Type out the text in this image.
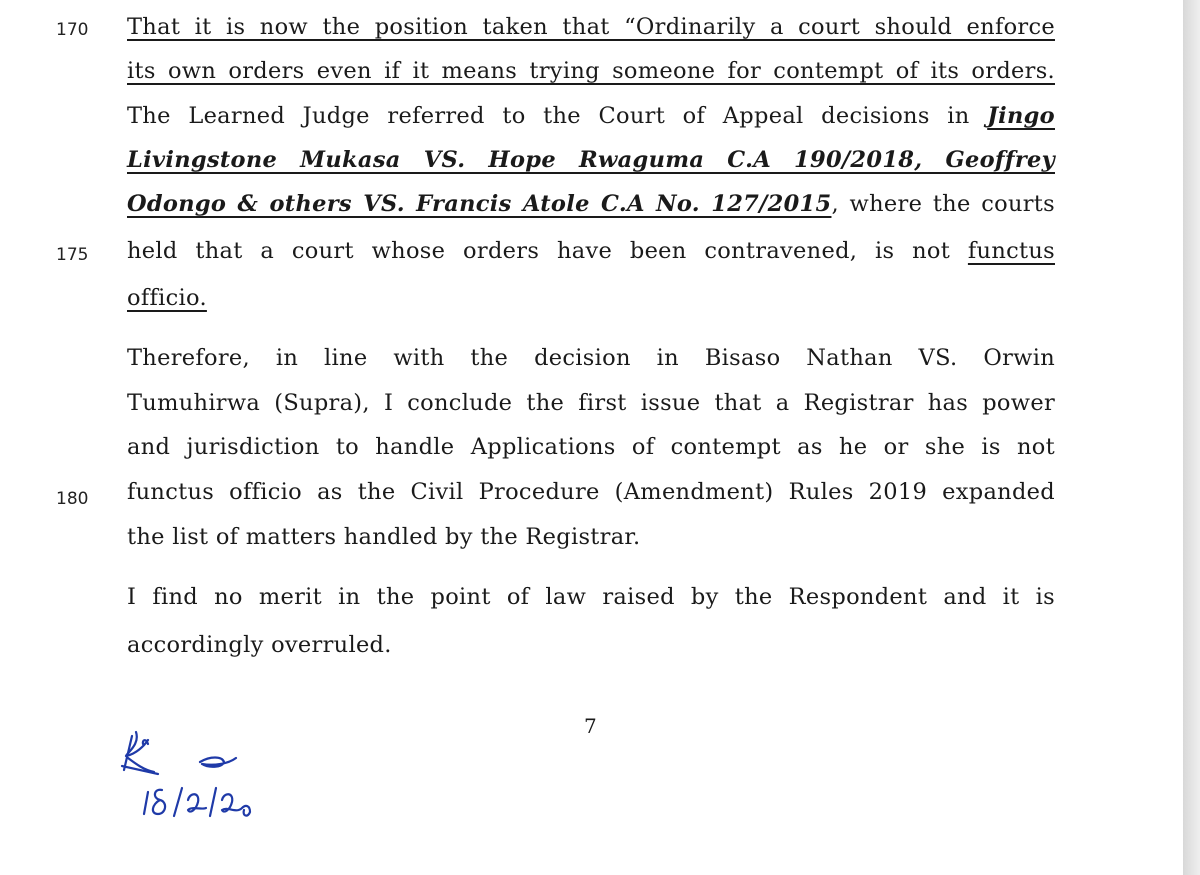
170
175
180
That it is now the position taken that “Ordinarily a court should enforce
its own orders even if it means trying someone for contempt of its orders.
The Learned Judge referred to the Court of Appeal decisions in Jingo
Livingstone Mukasa VS. Hope Rwaguma C.A 190/2018, Geoffrey
Odongo & others VS. Francis Atole C.A No. 127/2015, where the courts
held that a court whose orders have been contravened, is not functus
officio.
Therefore, in line with the decision in Bisaso Nathan VS. Orwin
Tumuhirwa (Supra), I conclude the first issue that a Registrar has power
and jurisdiction to handle Applications of contempt as he or she is not
functus officio as the Civil Procedure (Amendment) Rules 2019 expanded
the list of matters handled by the Registrar.
I find no merit in the point of law raised by the Respondent and it is
accordingly overruled.
7
